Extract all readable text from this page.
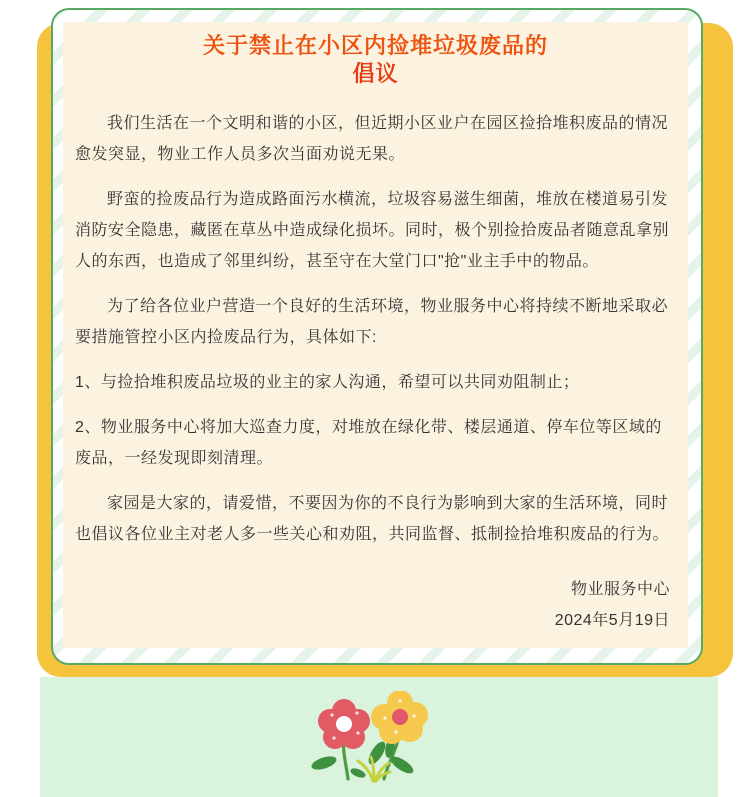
关于禁止在小区内捡堆垃圾废品的
倡议

我们生活在一个文明和谐的小区，但近期小区业户在园区捡拾堆积废品的情况愈发突显，物业工作人员多次当面劝说无果。

野蛮的捡废品行为造成路面污水横流，垃圾容易滋生细菌，堆放在楼道易引发消防安全隐患，藏匿在草丛中造成绿化损坏。同时，极个别捡拾废品者随意乱拿别人的东西，也造成了邻里纠纷，甚至守在大堂门口"抢"业主手中的物品。

为了给各位业户营造一个良好的生活环境，物业服务中心将持续不断地采取必要措施管控小区内捡废品行为，具体如下:

1、与捡拾堆积废品垃圾的业主的家人沟通，希望可以共同劝阻制止；

2、物业服务中心将加大巡查力度，对堆放在绿化带、楼层通道、停车位等区域的废品，一经发现即刻清理。

家园是大家的，请爱惜，不要因为你的不良行为影响到大家的生活环境，同时也倡议各位业主对老人多一些关心和劝阻，共同监督、抵制捡拾堆积废品的行为。

物业服务中心
2024年5月19日
